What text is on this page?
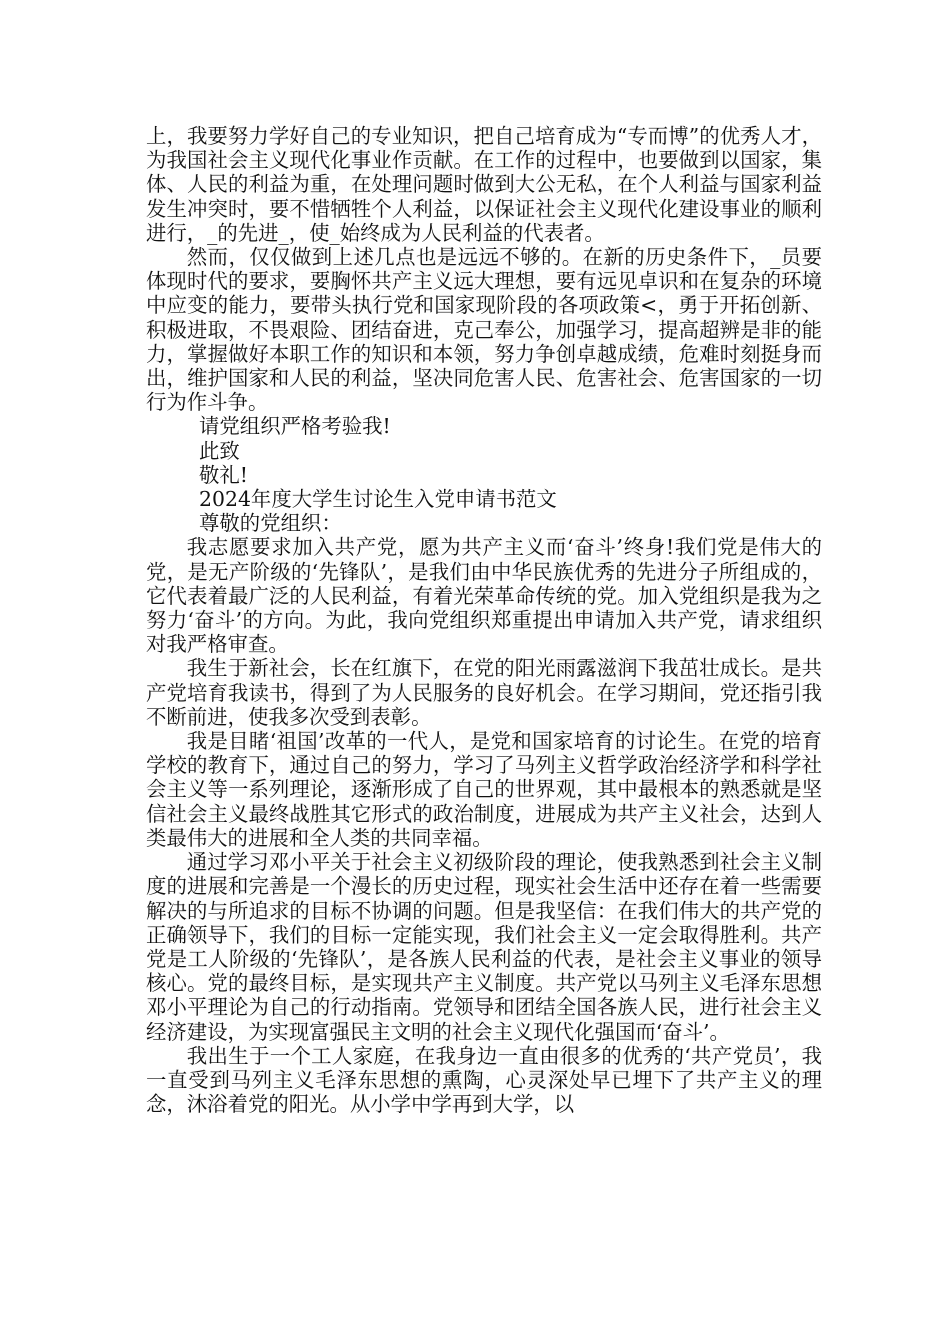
上，我要努力学好自己的专业知识，把自己培育成为“专而博”的优秀人才，为我国社会主义现代化事业作贡献。在工作的过程中，也要做到以国家，集体、人民的利益为重，在处理问题时做到大公无私，在个人利益与国家利益发生冲突时，要不惜牺牲个人利益，以保证社会主义现代化建设事业的顺利进行，_的先进_，使_始终成为人民利益的代表者。

然而，仅仅做到上述几点也是远远不够的。在新的历史条件下，_员要体现时代的要求，要胸怀共产主义远大理想，要有远见卓识和在复杂的环境中应变的能力，要带头执行党和国家现阶段的各项政策<，勇于开拓创新、积极进取，不畏艰险、团结奋进，克己奉公，加强学习，提高超辨是非的能力，掌握做好本职工作的知识和本领，努力争创卓越成绩，危难时刻挺身而出，维护国家和人民的利益，坚决同危害人民、危害社会、危害国家的一切行为作斗争。

请党组织严格考验我!

此致

敬礼!

2024年度大学生讨论生入党申请书范文

尊敬的党组织：

我志愿要求加入共产党，愿为共产主义而‘奋斗’终身!我们党是伟大的党，是无产阶级的‘先锋队’，是我们由中华民族优秀的先进分子所组成的，它代表着最广泛的人民利益，有着光荣革命传统的党。加入党组织是我为之努力‘奋斗’的方向。为此，我向党组织郑重提出申请加入共产党，请求组织对我严格审查。

我生于新社会，长在红旗下，在党的阳光雨露滋润下我茁壮成长。是共产党培育我读书，得到了为人民服务的良好机会。在学习期间，党还指引我不断前进，使我多次受到表彰。

我是目睹‘祖国’改革的一代人，是党和国家培育的讨论生。在党的培育学校的教育下，通过自己的努力，学习了马列主义哲学政治经济学和科学社会主义等一系列理论，逐渐形成了自己的世界观，其中最根本的熟悉就是坚信社会主义最终战胜其它形式的政治制度，进展成为共产主义社会，达到人类最伟大的进展和全人类的共同幸福。

通过学习邓小平关于社会主义初级阶段的理论，使我熟悉到社会主义制度的进展和完善是一个漫长的历史过程，现实社会生活中还存在着一些需要解决的与所追求的目标不协调的问题。但是我坚信：在我们伟大的共产党的正确领导下，我们的目标一定能实现，我们社会主义一定会取得胜利。共产党是工人阶级的‘先锋队’，是各族人民利益的代表，是社会主义事业的领导核心。党的最终目标，是实现共产主义制度。共产党以马列主义毛泽东思想邓小平理论为自己的行动指南。党领导和团结全国各族人民，进行社会主义经济建设，为实现富强民主文明的社会主义现代化强国而‘奋斗’。

我出生于一个工人家庭，在我身边一直由很多的优秀的‘共产党员’，我一直受到马列主义毛泽东思想的熏陶，心灵深处早已埋下了共产主义的理念，沐浴着党的阳光。从小学中学再到大学，以
